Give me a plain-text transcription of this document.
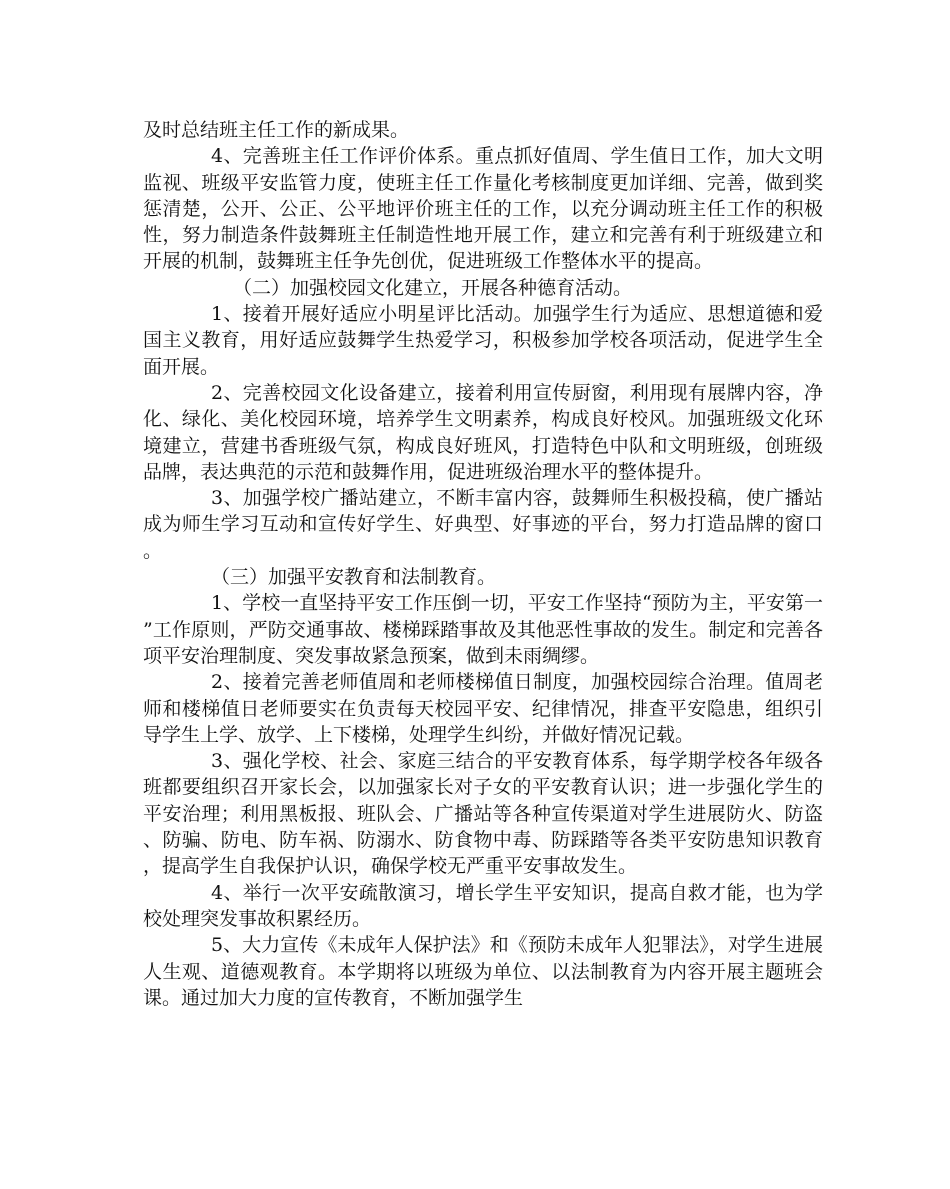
及时总结班主任工作的新成果。

4、完善班主任工作评价体系。重点抓好值周、学生值日工作，加大文明监视、班级平安监管力度，使班主任工作量化考核制度更加详细、完善，做到奖惩清楚，公开、公正、公平地评价班主任的工作，以充分调动班主任工作的积极性，努力制造条件鼓舞班主任制造性地开展工作，建立和完善有利于班级建立和开展的机制，鼓舞班主任争先创优，促进班级工作整体水平的提高。

（二）加强校园文化建立，开展各种德育活动。

1、接着开展好适应小明星评比活动。加强学生行为适应、思想道德和爱国主义教育，用好适应鼓舞学生热爱学习，积极参加学校各项活动，促进学生全面开展。

2、完善校园文化设备建立，接着利用宣传厨窗，利用现有展牌内容，净化、绿化、美化校园环境，培养学生文明素养，构成良好校风。加强班级文化环境建立，营建书香班级气氛，构成良好班风，打造特色中队和文明班级，创班级品牌，表达典范的示范和鼓舞作用，促进班级治理水平的整体提升。

3、加强学校广播站建立，不断丰富内容，鼓舞师生积极投稿，使广播站成为师生学习互动和宣传好学生、好典型、好事迹的平台，努力打造品牌的窗口。

（三）加强平安教育和法制教育。

1、学校一直坚持平安工作压倒一切，平安工作坚持“预防为主，平安第一”工作原则，严防交通事故、楼梯踩踏事故及其他恶性事故的发生。制定和完善各项平安治理制度、突发事故紧急预案，做到未雨绸缪。

2、接着完善老师值周和老师楼梯值日制度，加强校园综合治理。值周老师和楼梯值日老师要实在负责每天校园平安、纪律情况，排查平安隐患，组织引导学生上学、放学、上下楼梯，处理学生纠纷，并做好情况记载。

3、强化学校、社会、家庭三结合的平安教育体系，每学期学校各年级各班都要组织召开家长会，以加强家长对子女的平安教育认识；进一步强化学生的平安治理；利用黑板报、班队会、广播站等各种宣传渠道对学生进展防火、防盗、防骗、防电、防车祸、防溺水、防食物中毒、防踩踏等各类平安防患知识教育，提高学生自我保护认识，确保学校无严重平安事故发生。

4、举行一次平安疏散演习，增长学生平安知识，提高自救才能，也为学校处理突发事故积累经历。

5、大力宣传《未成年人保护法》和《预防未成年人犯罪法》，对学生进展人生观、道德观教育。本学期将以班级为单位、以法制教育为内容开展主题班会课。通过加大力度的宣传教育，不断加强学生
